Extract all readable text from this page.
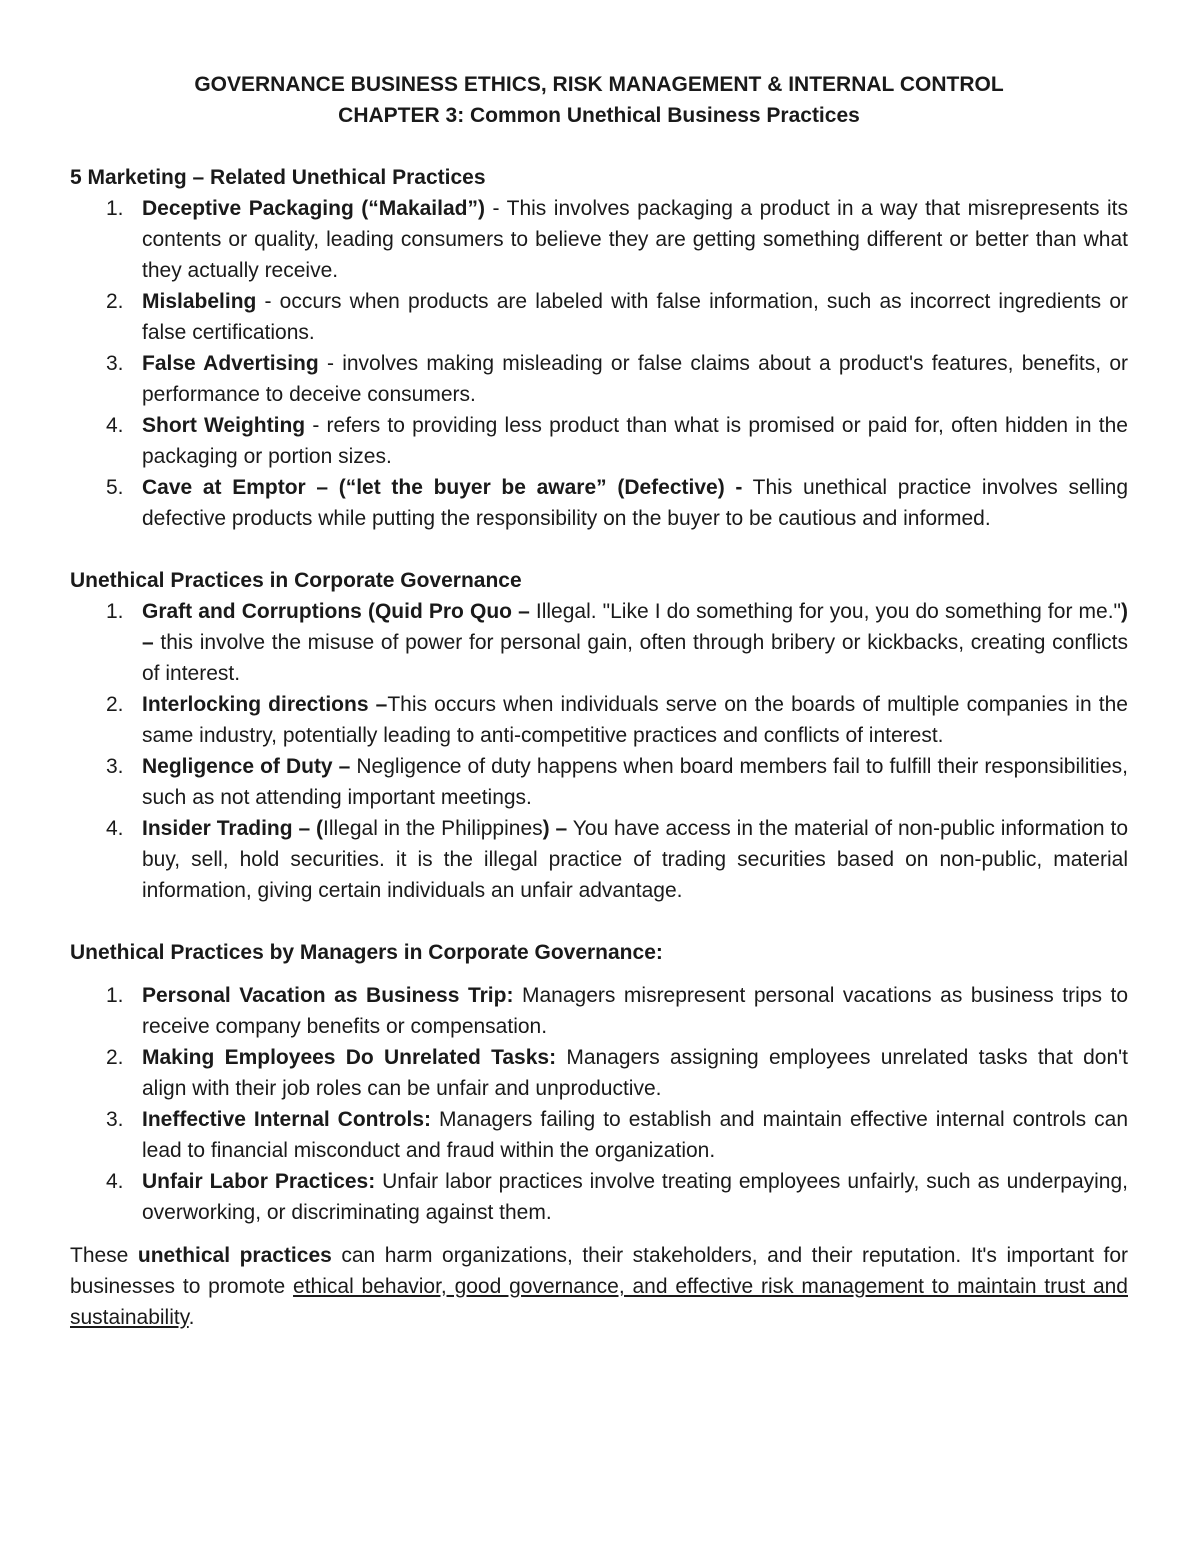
GOVERNANCE BUSINESS ETHICS, RISK MANAGEMENT & INTERNAL CONTROL
CHAPTER 3: Common Unethical Business Practices
5 Marketing – Related Unethical Practices
1. Deceptive Packaging (“Makailad”) - This involves packaging a product in a way that misrepresents its contents or quality, leading consumers to believe they are getting something different or better than what they actually receive.
2. Mislabeling - occurs when products are labeled with false information, such as incorrect ingredients or false certifications.
3. False Advertising - involves making misleading or false claims about a product's features, benefits, or performance to deceive consumers.
4. Short Weighting - refers to providing less product than what is promised or paid for, often hidden in the packaging or portion sizes.
5. Cave at Emptor – (“let the buyer be aware” (Defective) - This unethical practice involves selling defective products while putting the responsibility on the buyer to be cautious and informed.
Unethical Practices in Corporate Governance
1. Graft and Corruptions (Quid Pro Quo – Illegal. "Like I do something for you, you do something for me.") – this involve the misuse of power for personal gain, often through bribery or kickbacks, creating conflicts of interest.
2. Interlocking directions –This occurs when individuals serve on the boards of multiple companies in the same industry, potentially leading to anti-competitive practices and conflicts of interest.
3. Negligence of Duty – Negligence of duty happens when board members fail to fulfill their responsibilities, such as not attending important meetings.
4. Insider Trading – (Illegal in the Philippines) – You have access in the material of non-public information to buy, sell, hold securities. it is the illegal practice of trading securities based on non-public, material information, giving certain individuals an unfair advantage.
Unethical Practices by Managers in Corporate Governance:
1. Personal Vacation as Business Trip: Managers misrepresent personal vacations as business trips to receive company benefits or compensation.
2. Making Employees Do Unrelated Tasks: Managers assigning employees unrelated tasks that don't align with their job roles can be unfair and unproductive.
3. Ineffective Internal Controls: Managers failing to establish and maintain effective internal controls can lead to financial misconduct and fraud within the organization.
4. Unfair Labor Practices: Unfair labor practices involve treating employees unfairly, such as underpaying, overworking, or discriminating against them.

These unethical practices can harm organizations, their stakeholders, and their reputation. It's important for businesses to promote ethical behavior, good governance, and effective risk management to maintain trust and sustainability.
